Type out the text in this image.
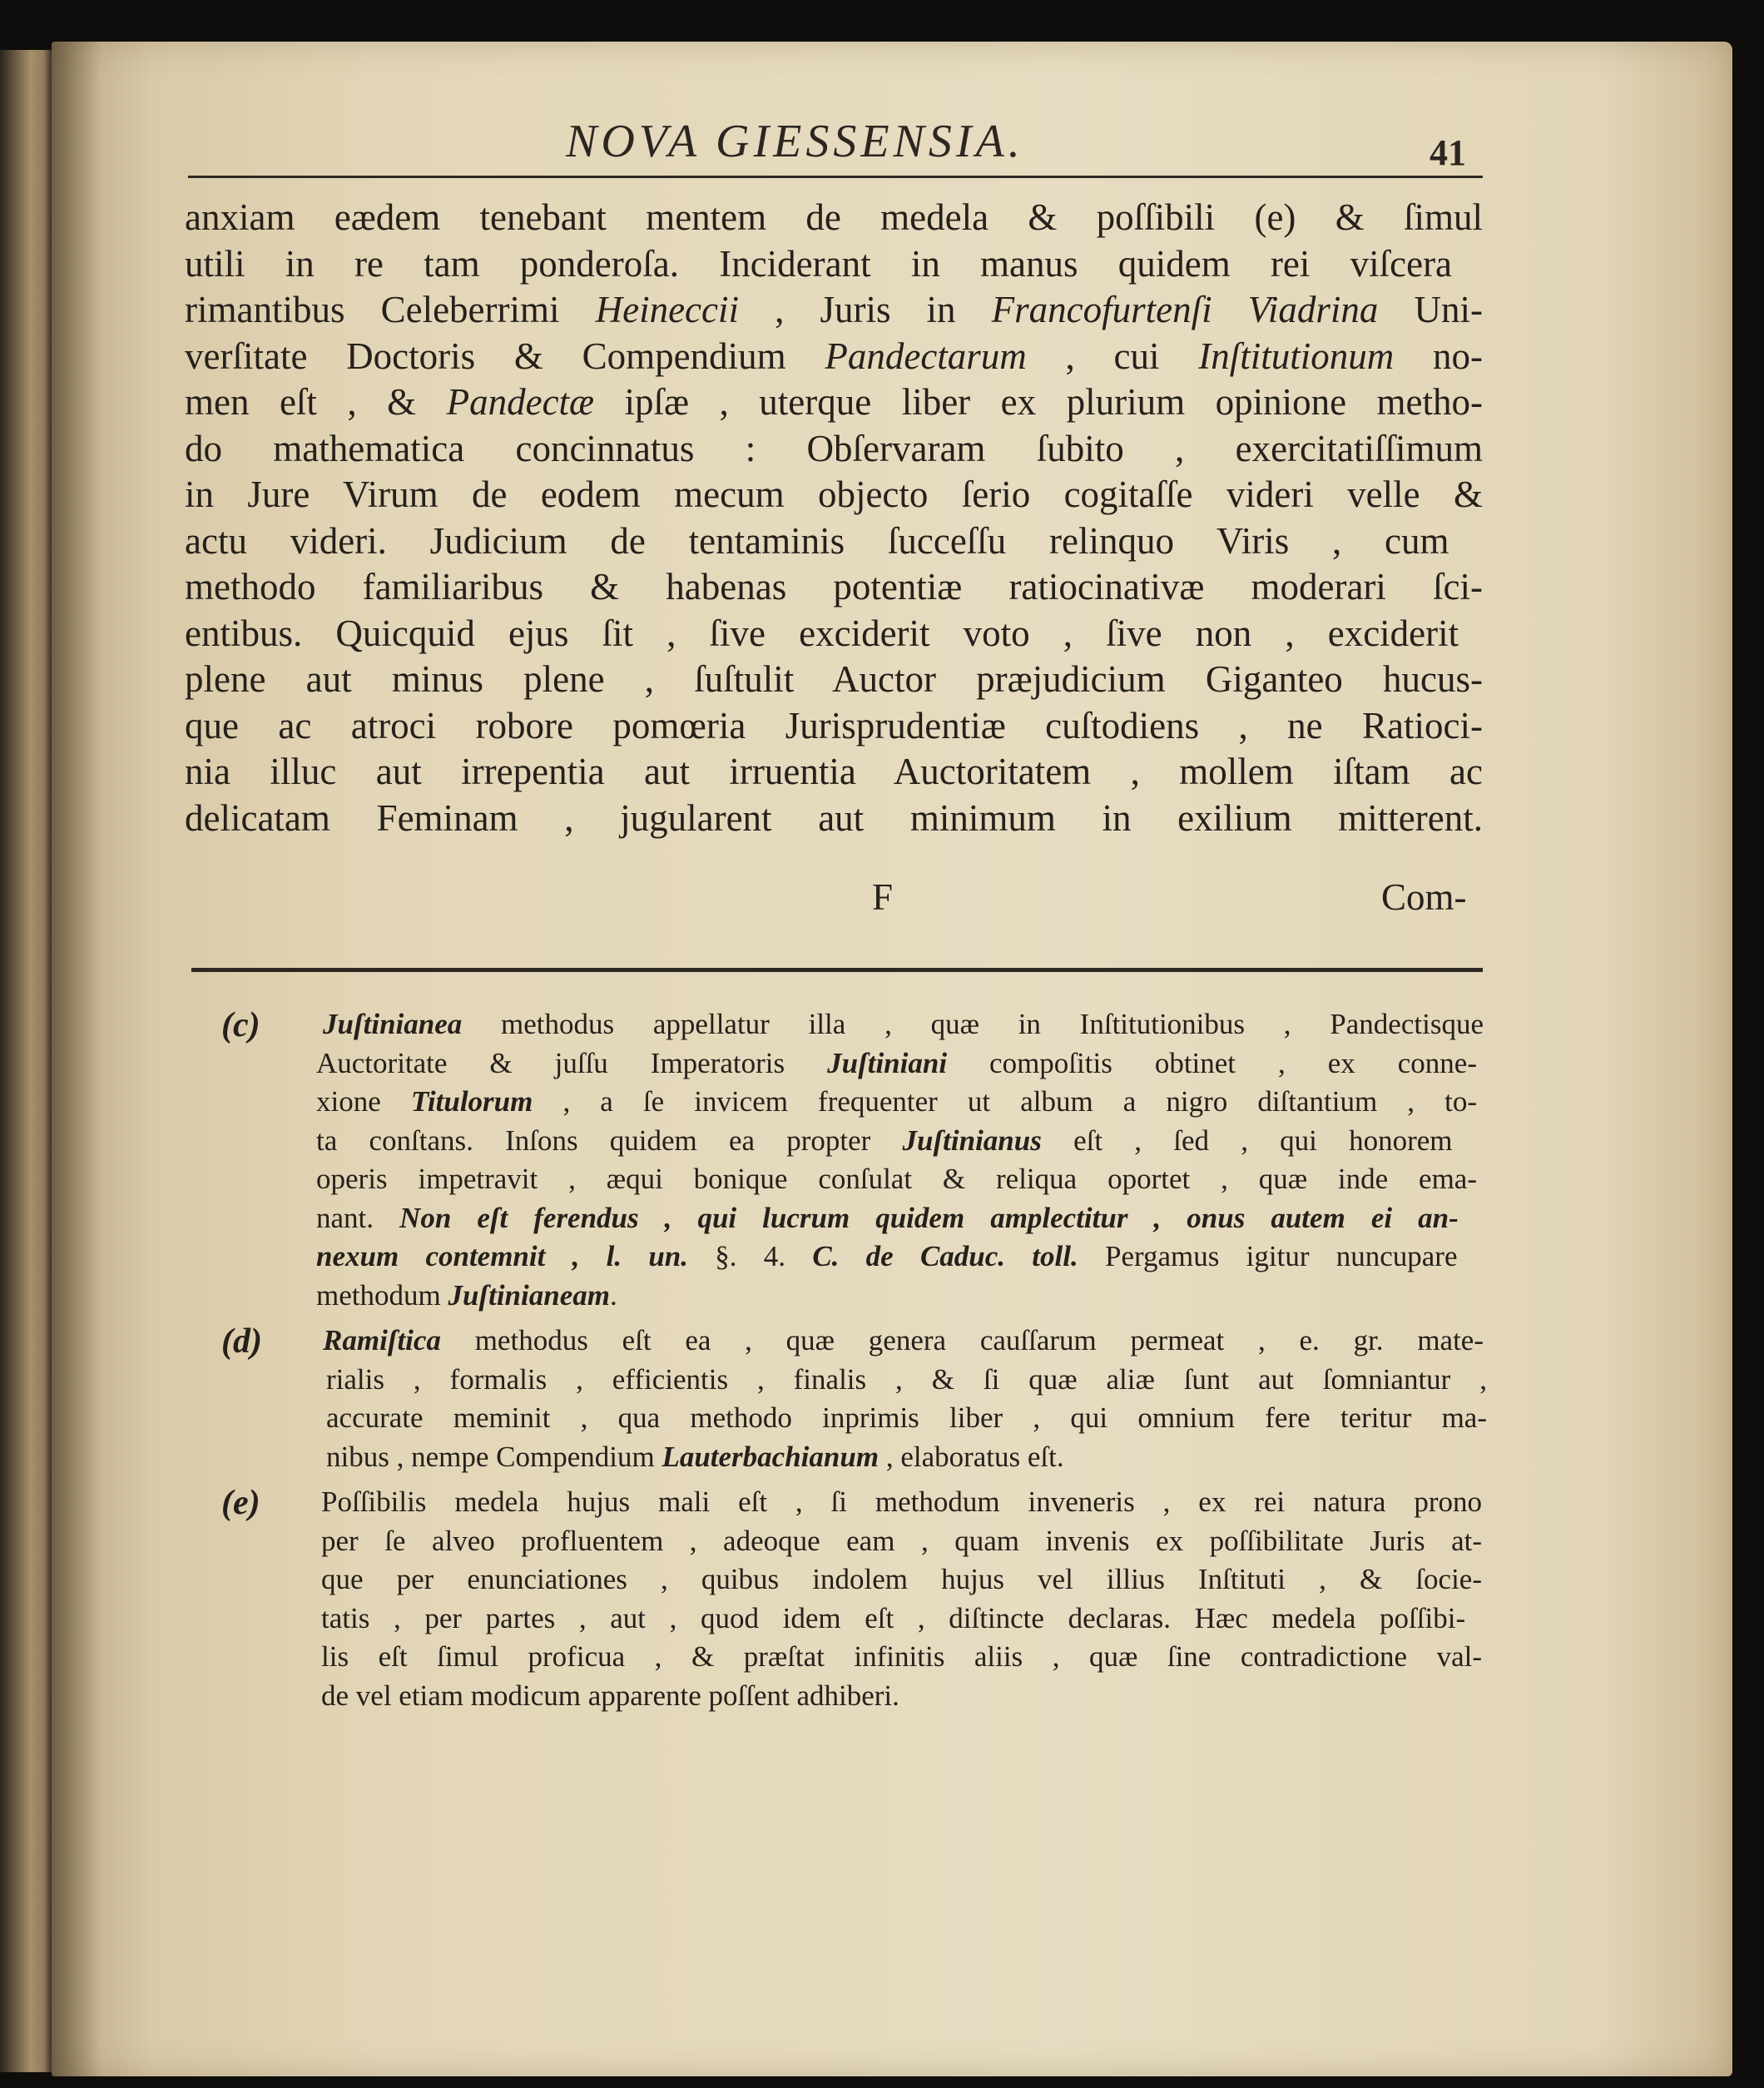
NOVA GIESSENSIA.	41
anxiam eædem tenebant mentem de medela & poſſibili (e) & ſimul
utili in re tam ponderoſa. Inciderant in manus quidem rei viſcera
rimantibus Celeberrimi Heineccii , Juris in Francofurtenſi Viadrina Uni-
verſitate Doctoris & Compendium Pandectarum , cui Inſtitutionum no-
men eſt , & Pandectæ ipſæ , uterque liber ex plurium opinione metho-
do mathematica concinnatus : Obſervaram ſubito , exercitatiſſimum
in Jure Virum de eodem mecum objecto ſerio cogitaſſe videri velle &
actu videri. Judicium de tentaminis ſucceſſu relinquo Viris , cum
methodo familiaribus & habenas potentiæ ratiocinativæ moderari ſci-
entibus. Quicquid ejus ſit , ſive exciderit voto , ſive non , exciderit
plene aut minus plene , ſuſtulit Auctor præjudicium Giganteo hucus-
que ac atroci robore pomœria Jurisprudentiæ cuſtodiens , ne Ratioci-
nia illuc aut irrepentia aut irruentia Auctoritatem , mollem iſtam ac
delicatam Feminam , jugularent aut minimum in exilium mitterent.
F	Com-
(c) Juſtinianea methodus appellatur illa , quæ in Inſtitutionibus , Pandectisque
Auctoritate & juſſu Imperatoris Juſtiniani compoſitis obtinet , ex conne-
xione Titulorum , a ſe invicem frequenter ut album a nigro diſtantium , to-
ta conſtans. Inſons quidem ea propter Juſtinianus eſt , ſed , qui honorem
operis impetravit , æqui bonique conſulat & reliqua oportet , quæ inde ema-
nant. Non eſt ferendus , qui lucrum quidem amplectitur , onus autem ei an-
nexum contemnit , l. un. §. 4. C. de Caduc. toll. Pergamus igitur nuncupare
methodum Juſtinianeam.
(d) Ramiſtica methodus eſt ea , quæ genera cauſſarum permeat , e. gr. mate-
rialis , formalis , efficientis , finalis , & ſi quæ aliæ ſunt aut ſomniantur ,
accurate meminit , qua methodo inprimis liber , qui omnium fere teritur ma-
nibus , nempe Compendium Lauterbachianum , elaboratus eſt.
(e) Poſſibilis medela hujus mali eſt , ſi methodum inveneris , ex rei natura prono
per ſe alveo profluentem , adeoque eam , quam invenis ex poſſibilitate Juris at-
que per enunciationes , quibus indolem hujus vel illius Inſtituti , & ſocie-
tatis , per partes , aut , quod idem eſt , diſtincte declaras. Hæc medela poſſibi-
lis eſt ſimul proficua , & præſtat infinitis aliis , quæ ſine contradictione val-
de vel etiam modicum apparente poſſent adhiberi.
